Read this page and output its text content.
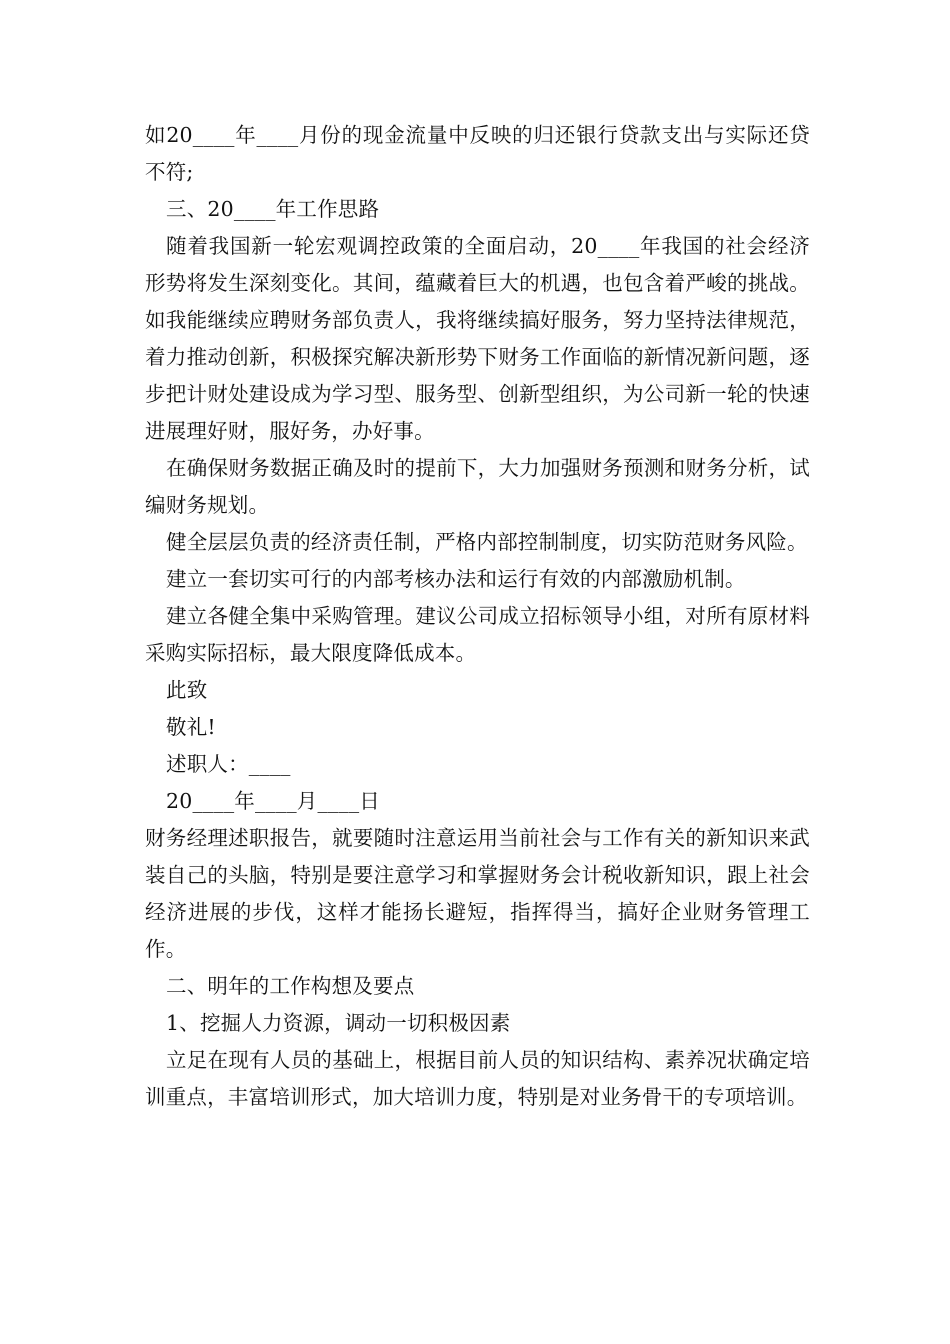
如20____年____月份的现金流量中反映的归还银行贷款支出与实际还贷不符;

三、20____年工作思路

随着我国新一轮宏观调控政策的全面启动，20____年我国的社会经济形势将发生深刻变化。其间，蕴藏着巨大的机遇，也包含着严峻的挑战。如我能继续应聘财务部负责人，我将继续搞好服务，努力坚持法律规范，着力推动创新，积极探究解决新形势下财务工作面临的新情况新问题，逐步把计财处建设成为学习型、服务型、创新型组织，为公司新一轮的快速进展理好财，服好务，办好事。

在确保财务数据正确及时的提前下，大力加强财务预测和财务分析，试编财务规划。

健全层层负责的经济责任制，严格内部控制制度，切实防范财务风险。

建立一套切实可行的内部考核办法和运行有效的内部激励机制。

建立各健全集中采购管理。建议公司成立招标领导小组，对所有原材料采购实际招标，最大限度降低成本。

此致

敬礼!

述职人：____

20____年____月____日

财务经理述职报告，就要随时注意运用当前社会与工作有关的新知识来武装自己的头脑，特别是要注意学习和掌握财务会计税收新知识，跟上社会经济进展的步伐，这样才能扬长避短，指挥得当，搞好企业财务管理工作。

二、明年的工作构想及要点

1、挖掘人力资源，调动一切积极因素

立足在现有人员的基础上，根据目前人员的知识结构、素养况状确定培训重点，丰富培训形式，加大培训力度，特别是对业务骨干的专项培训。
